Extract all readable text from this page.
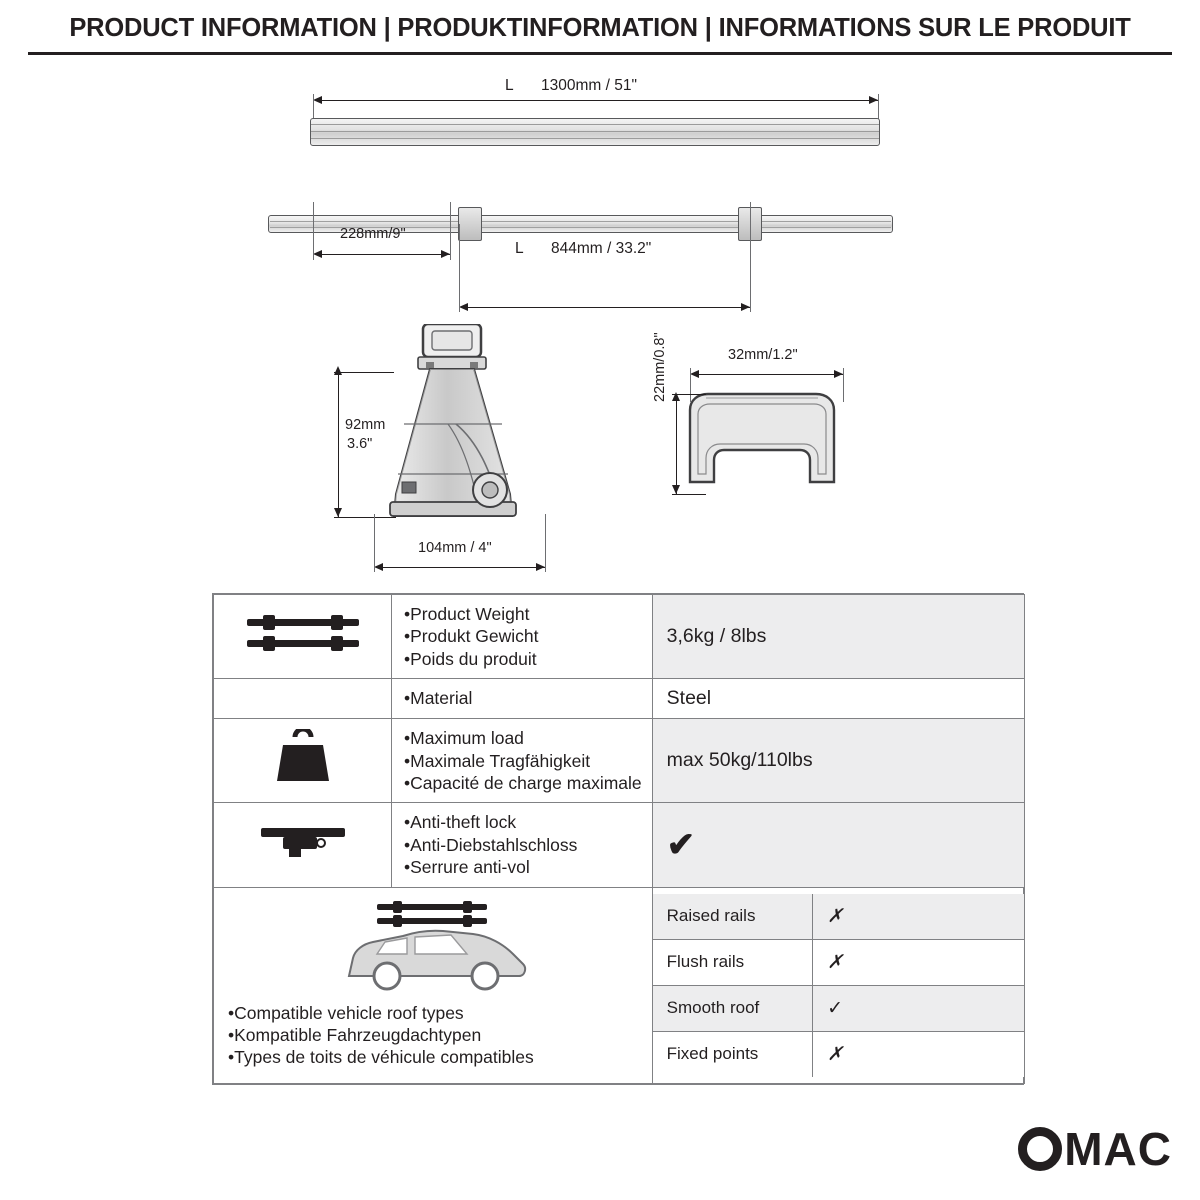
PRODUCT INFORMATION | PRODUKTINFORMATION | INFORMATIONS SUR LE PRODUIT
L 1300mm / 51"
228mm/9"
L 844mm / 33.2"
92mm
3.6"
104mm / 4"
32mm/1.2"
22mm/0.8"

•Product Weight
•Produkt Gewicht
•Poids du produit
	3,6kg / 8lbs

•Material	Steel

•Maximum load
•Maximale Tragfähigkeit
•Capacité de charge maximale
	max 50kg/110lbs

•Anti-theft lock
•Anti-Diebstahlschloss
•Serrure anti-vol
	✔

•Compatible vehicle roof types
•Kompatible Fahrzeugdachtypen
•Types de toits de véhicule compatibles

Raised rails	✗
Flush rails	✗
Smooth roof	✓
Fixed points	✗
MAC
